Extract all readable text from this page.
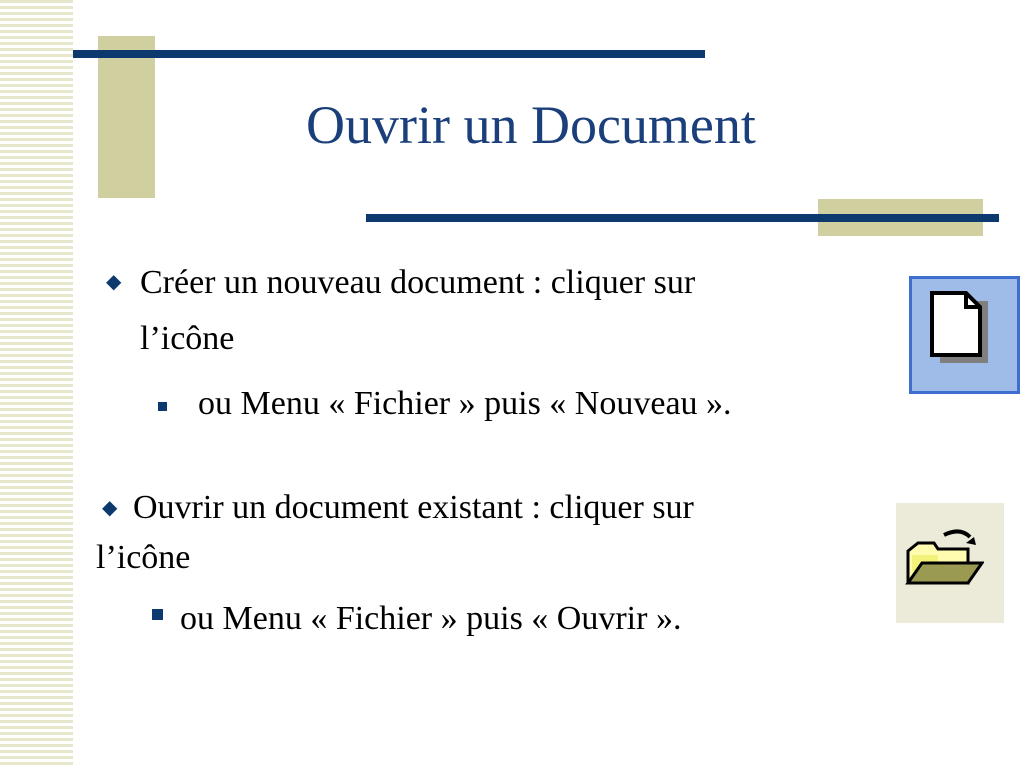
Ouvrir un Document
◆ Créer un nouveau document : cliquer sur
l’icône
ou Menu « Fichier » puis « Nouveau ».
◆ Ouvrir un document existant : cliquer sur
l’icône
ou Menu « Fichier » puis « Ouvrir ».
